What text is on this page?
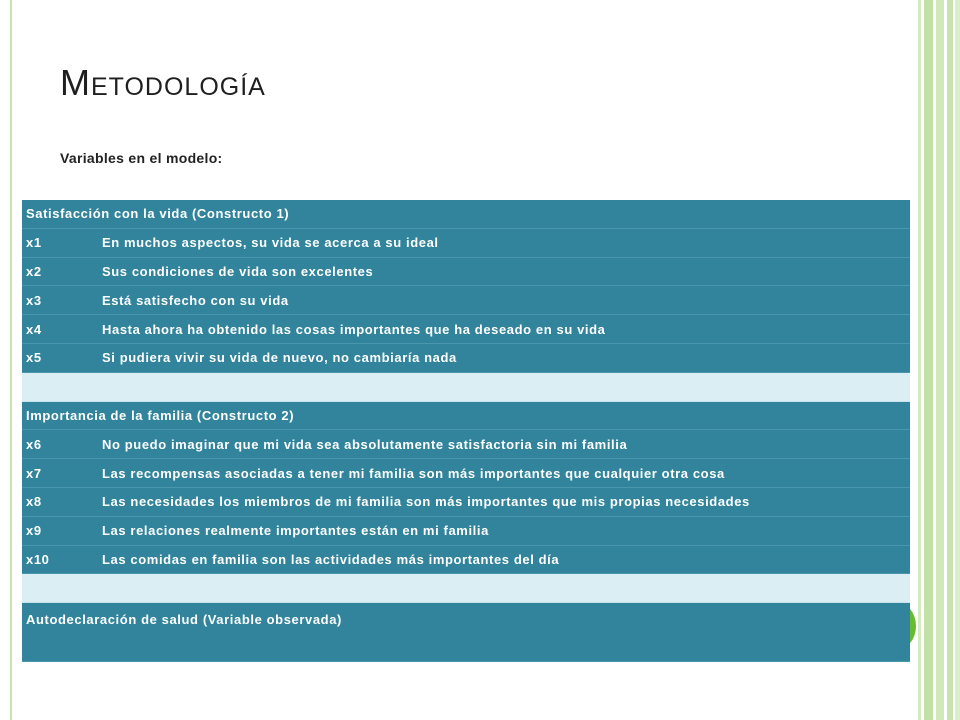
Metodología
Variables en el modelo:
Satisfacción con la vida (Constructo 1)
x1	En muchos aspectos, su vida se acerca a su ideal
x2	Sus condiciones de vida son excelentes
x3	Está satisfecho con su vida
x4	Hasta ahora ha obtenido las cosas importantes que ha deseado en su vida
x5	Si pudiera vivir su vida de nuevo, no cambiaría nada
Importancia de la familia (Constructo 2)
x6	No puedo imaginar que mi vida sea absolutamente satisfactoria sin mi familia
x7	Las recompensas asociadas a tener mi familia son más importantes que cualquier otra cosa
x8	Las necesidades los miembros de mi familia son más importantes que mis propias necesidades
x9	Las relaciones realmente importantes están en mi familia
x10	Las comidas en familia son las actividades más importantes del día
Autodeclaración de salud (Variable observada)
